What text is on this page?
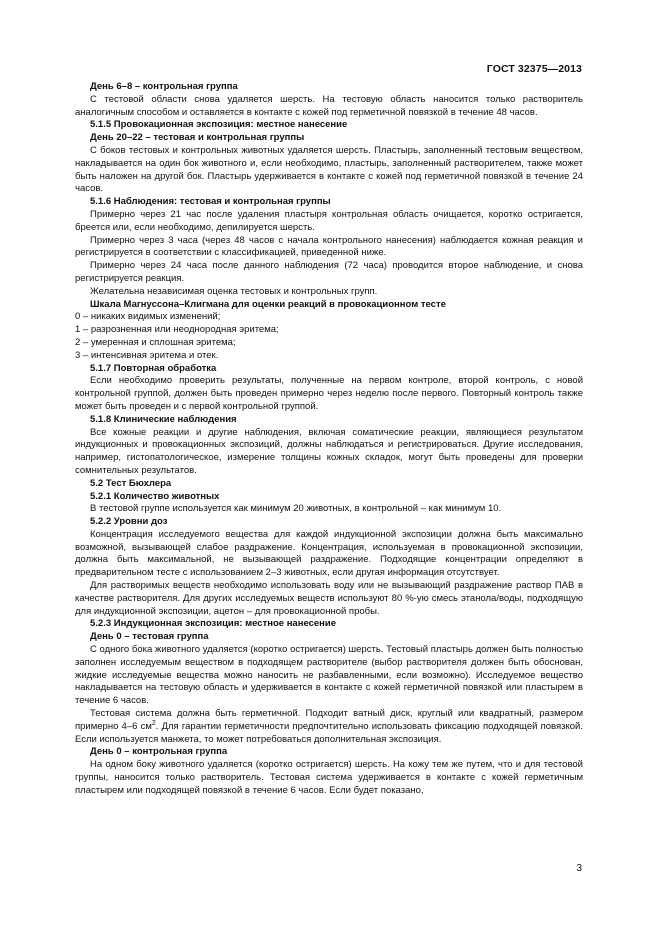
ГОСТ 32375—2013

День 6–8 – контрольная группа

С тестовой области снова удаляется шерсть. На тестовую область наносится только растворитель аналогичным способом и оставляется в контакте с кожей под герметичной повязкой в течение 48 часов.

5.1.5 Провокационная экспозиция: местное нанесение

День 20–22 – тестовая и контрольная группы

С боков тестовых и контрольных животных удаляется шерсть. Пластырь, заполненный тестовым веществом, накладывается на один бок животного и, если необходимо, пластырь, заполненный растворителем, также может быть наложен на другой бок. Пластырь удерживается в контакте с кожей под герметичной повязкой в течение 24 часов.

5.1.6 Наблюдения: тестовая и контрольная группы

Примерно через 21 час после удаления пластыря контрольная область очищается, коротко остригается, бреется или, если необходимо, депилируется шерсть.

Примерно через 3 часа (через 48 часов с начала контрольного нанесения) наблюдается кожная реакция и регистрируется в соответствии с классификацией, приведенной ниже.

Примерно через 24 часа после данного наблюдения (72 часа) проводится второе наблюдение, и снова регистрируется реакция.

Желательна независимая оценка тестовых и контрольных групп.

Шкала Магнуссона–Клигмана для оценки реакций в провокационном тесте

0 – никаких видимых изменений;

1 – разрозненная или неоднородная эритема;

2 – умеренная и сплошная эритема;

3 – интенсивная эритема и отек.

5.1.7 Повторная обработка

Если необходимо проверить результаты, полученные на первом контроле, второй контроль, с новой контрольной группой, должен быть проведен примерно через неделю после первого. Повторный контроль также может быть проведен и с первой контрольной группой.

5.1.8 Клинические наблюдения

Все кожные реакции и другие наблюдения, включая соматические реакции, являющиеся результатом индукционных и провокационных экспозиций, должны наблюдаться и регистрироваться. Другие исследования, например, гистопатологическое, измерение толщины кожных складок, могут быть проведены для проверки сомнительных результатов.

5.2 Тест Бюхлера

5.2.1 Количество животных

В тестовой группе используется как минимум 20 животных, в контрольной – как минимум 10.

5.2.2 Уровни доз

Концентрация исследуемого вещества для каждой индукционной экспозиции должна быть максимально возможной, вызывающей слабое раздражение. Концентрация, используемая в провокационной экспозиции, должна быть максимальной, не вызывающей раздражение. Подходящие концентрации определяют в предварительном тесте с использованием 2–3 животных, если другая информация отсутствует.

Для растворимых веществ необходимо использовать воду или не вызывающий раздражение раствор ПАВ в качестве растворителя. Для других исследуемых веществ используют 80 %-ую смесь этанола/воды, подходящую для индукционной экспозиции, ацетон – для провокационной пробы.

5.2.3 Индукционная экспозиция: местное нанесение

День 0 – тестовая группа

С одного бока животного удаляется (коротко остригается) шерсть. Тестовый пластырь должен быть полностью заполнен исследуемым веществом в подходящем растворителе (выбор растворителя должен быть обоснован, жидкие исследуемые вещества можно наносить не разбавленными, если возможно). Исследуемое вещество накладывается на тестовую область и удерживается в контакте с кожей герметичной повязкой или пластырем в течение 6 часов.

Тестовая система должна быть герметичной. Подходит ватный диск, круглый или квадратный, размером примерно 4–6 $см^2$. Для гарантии герметичности предпочтительно использовать фиксацию подходящей повязкой. Если используется манжета, то может потребоваться дополнительная экспозиция.

День 0 – контрольная группа

На одном боку животного удаляется (коротко остригается) шерсть. На кожу тем же путем, что и для тестовой группы, наносится только растворитель. Тестовая система удерживается в контакте с кожей герметичным пластырем или подходящей повязкой в течение 6 часов. Если будет показано,

3
